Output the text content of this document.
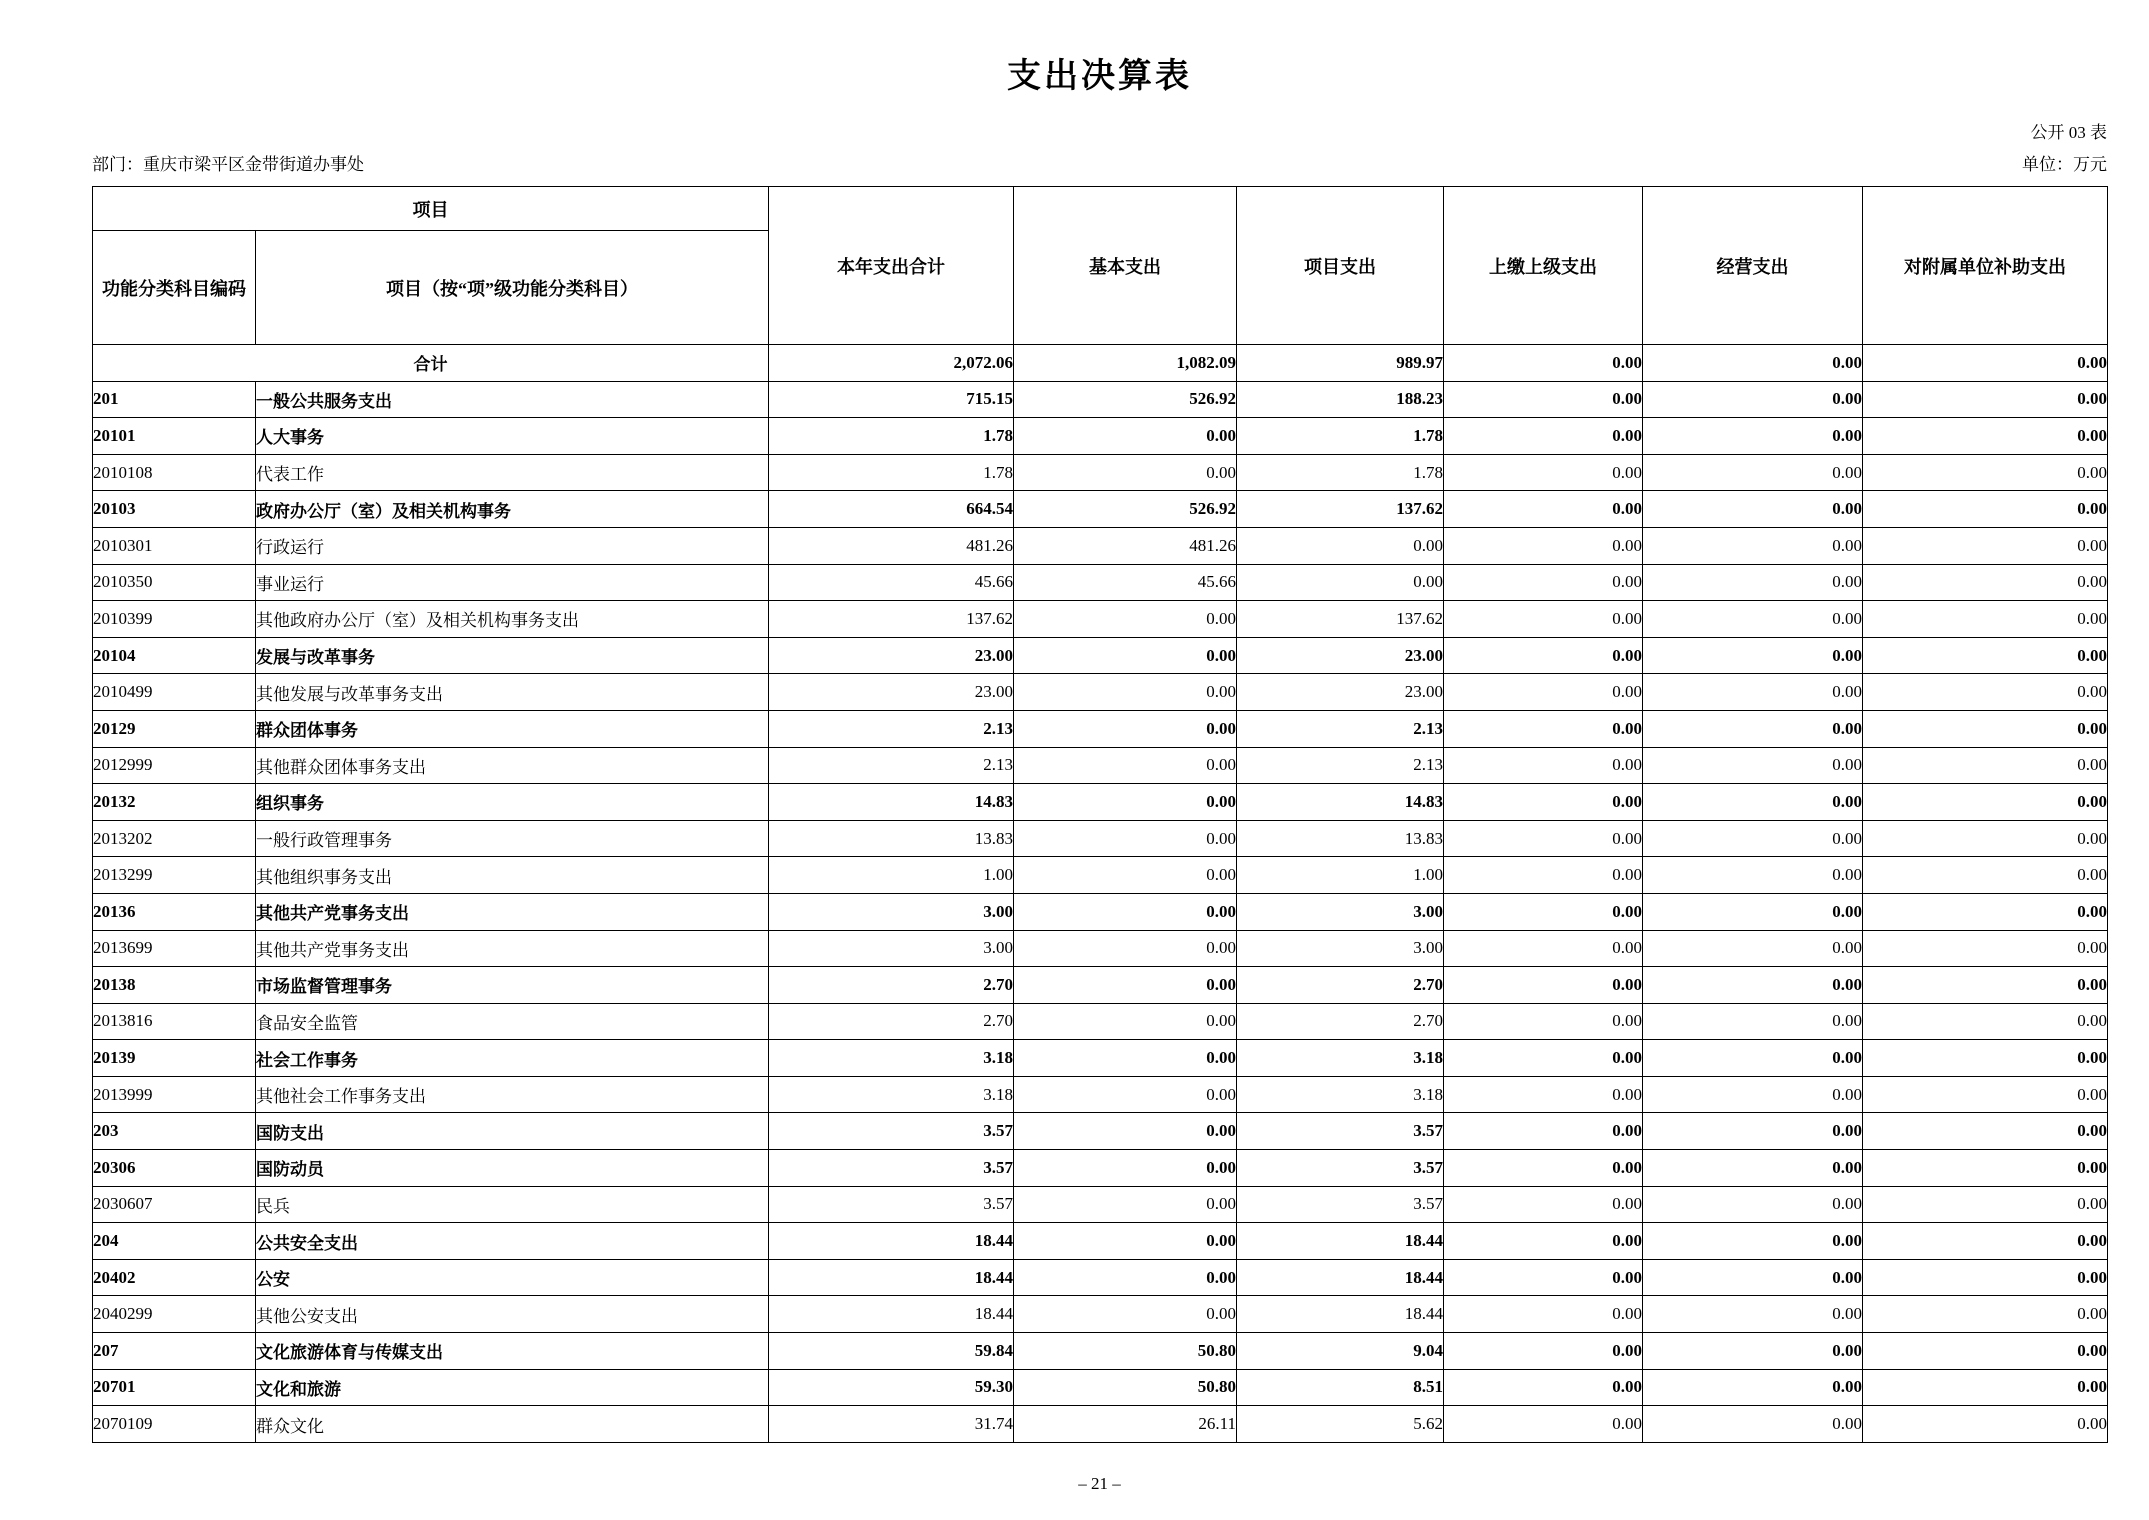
支出决算表
公开 03 表
部门：重庆市梁平区金带街道办事处	单位：万元
项目		本年支出合计	基本支出	项目支出	上缴上级支出	经营支出	对附属单位补助支出
功能分类科目编码	项目（按“项”级功能分类科目）						
合计		2,072.06	1,082.09	989.97	0.00	0.00	0.00
201	一般公共服务支出	715.15	526.92	188.23	0.00	0.00	0.00
20101	人大事务	1.78	0.00	1.78	0.00	0.00	0.00
2010108	代表工作	1.78	0.00	1.78	0.00	0.00	0.00
20103	政府办公厅（室）及相关机构事务	664.54	526.92	137.62	0.00	0.00	0.00
2010301	行政运行	481.26	481.26	0.00	0.00	0.00	0.00
2010350	事业运行	45.66	45.66	0.00	0.00	0.00	0.00
2010399	其他政府办公厅（室）及相关机构事务支出	137.62	0.00	137.62	0.00	0.00	0.00
20104	发展与改革事务	23.00	0.00	23.00	0.00	0.00	0.00
2010499	其他发展与改革事务支出	23.00	0.00	23.00	0.00	0.00	0.00
20129	群众团体事务	2.13	0.00	2.13	0.00	0.00	0.00
2012999	其他群众团体事务支出	2.13	0.00	2.13	0.00	0.00	0.00
20132	组织事务	14.83	0.00	14.83	0.00	0.00	0.00
2013202	一般行政管理事务	13.83	0.00	13.83	0.00	0.00	0.00
2013299	其他组织事务支出	1.00	0.00	1.00	0.00	0.00	0.00
20136	其他共产党事务支出	3.00	0.00	3.00	0.00	0.00	0.00
2013699	其他共产党事务支出	3.00	0.00	3.00	0.00	0.00	0.00
20138	市场监督管理事务	2.70	0.00	2.70	0.00	0.00	0.00
2013816	食品安全监管	2.70	0.00	2.70	0.00	0.00	0.00
20139	社会工作事务	3.18	0.00	3.18	0.00	0.00	0.00
2013999	其他社会工作事务支出	3.18	0.00	3.18	0.00	0.00	0.00
203	国防支出	3.57	0.00	3.57	0.00	0.00	0.00
20306	国防动员	3.57	0.00	3.57	0.00	0.00	0.00
2030607	民兵	3.57	0.00	3.57	0.00	0.00	0.00
204	公共安全支出	18.44	0.00	18.44	0.00	0.00	0.00
20402	公安	18.44	0.00	18.44	0.00	0.00	0.00
2040299	其他公安支出	18.44	0.00	18.44	0.00	0.00	0.00
207	文化旅游体育与传媒支出	59.84	50.80	9.04	0.00	0.00	0.00
20701	文化和旅游	59.30	50.80	8.51	0.00	0.00	0.00
2070109	群众文化	31.74	26.11	5.62	0.00	0.00	0.00
– 21 –
